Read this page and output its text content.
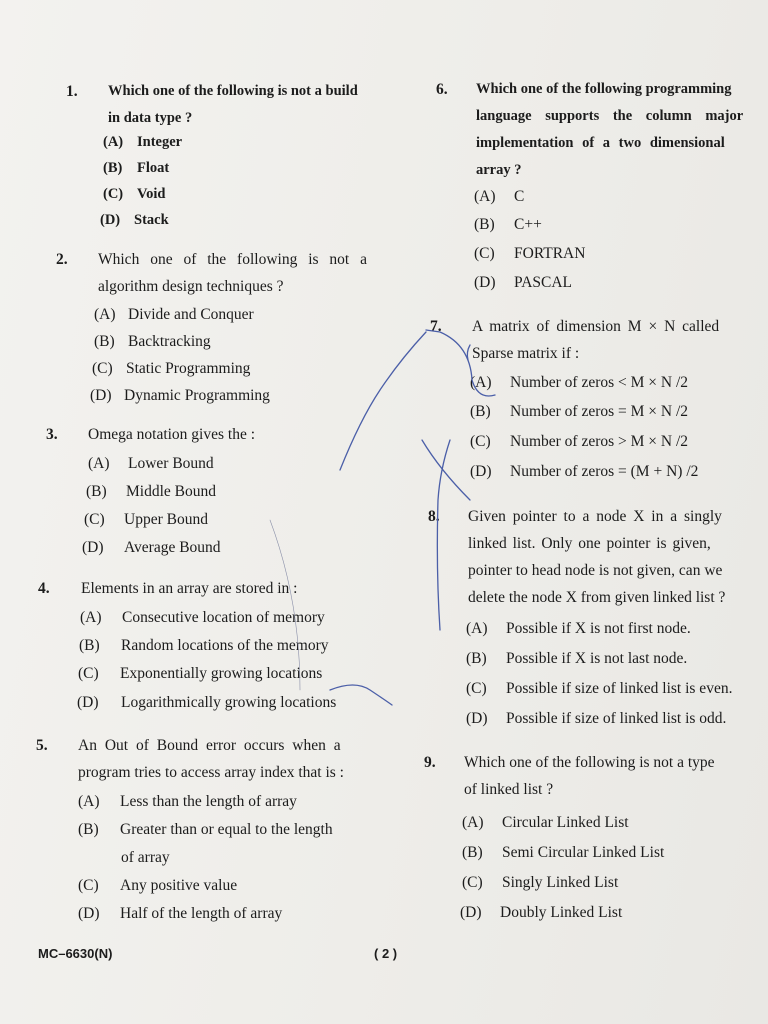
1. Which one of the following is not a build
in data type ?
(A) Integer
(B) Float
(C) Void
(D) Stack
2. Which one of the following is not a
algorithm design techniques ?
(A) Divide and Conquer
(B) Backtracking
(C) Static Programming
(D) Dynamic Programming
3. Omega notation gives the :
(A) Lower Bound
(B) Middle Bound
(C) Upper Bound
(D) Average Bound
4. Elements in an array are stored in :
(A) Consecutive location of memory
(B) Random locations of the memory
(C) Exponentially growing locations
(D) Logarithmically growing locations
5. An Out of Bound error occurs when a
program tries to access array index that is :
(A) Less than the length of array
(B) Greater than or equal to the length
of array
(C) Any positive value
(D) Half of the length of array
6. Which one of the following programming
language supports the column major
implementation of a two dimensional
array ?
(A) C
(B) C++
(C) FORTRAN
(D) PASCAL
7. A matrix of dimension M × N called
Sparse matrix if :
(A) Number of zeros < M × N /2
(B) Number of zeros = M × N /2
(C) Number of zeros > M × N /2
(D) Number of zeros = (M + N) /2
8. Given pointer to a node X in a singly
linked list. Only one pointer is given,
pointer to head node is not given, can we
delete the node X from given linked list ?
(A) Possible if X is not first node.
(B) Possible if X is not last node.
(C) Possible if size of linked list is even.
(D) Possible if size of linked list is odd.
9. Which one of the following is not a type
of linked list ?
(A) Circular Linked List
(B) Semi Circular Linked List
(C) Singly Linked List
(D) Doubly Linked List
MC–6630(N)	( 2 )
